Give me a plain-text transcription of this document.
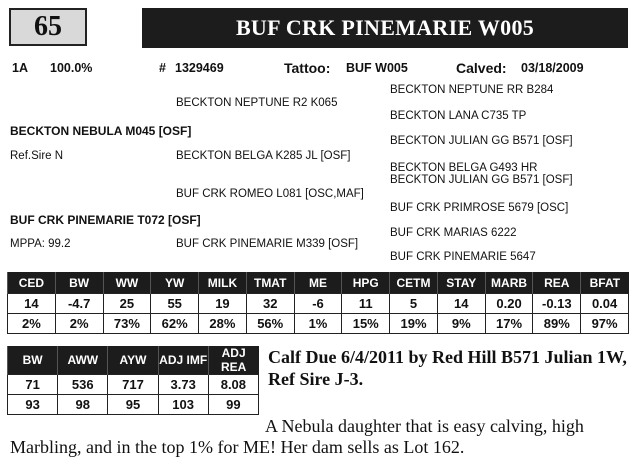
65	BUF CRK PINEMARIE W005
1A 100.0%	# 1329469	Tattoo: BUF W005	Calved: 03/18/2009
BECKTON NEPTUNE RR B284
BECKTON NEPTUNE R2 K065
BECKTON LANA C735 TP
BECKTON NEBULA M045 [OSF]
BECKTON JULIAN GG B571 [OSF]
Ref.Sire N	BECKTON BELGA K285 JL [OSF]
BECKTON BELGA G493 HR
BECKTON JULIAN GG B571 [OSF]
BUF CRK ROMEO L081 [OSC,MAF]
BUF CRK PRIMROSE 5679 [OSC]
BUF CRK PINEMARIE T072 [OSF]
BUF CRK MARIAS 6222
MPPA: 99.2	BUF CRK PINEMARIE M339 [OSF]
BUF CRK PINEMARIE 5647
CED	BW	WW	YW	MILK	TMAT	ME	HPG	CETM	STAY	MARB	REA	BFAT
14	-4.7	25	55	19	32	-6	11	5	14	0.20	-0.13	0.04
2%	2%	73%	62%	28%	56%	1%	15%	19%	9%	17%	89%	97%
BW	AWW	AYW	ADJ IMF	ADJ REA
71	536	717	3.73	8.08
93	98	95	103	99
Calf Due 6/4/2011 by Red Hill B571 Julian 1W, Ref Sire J-3.
A Nebula daughter that is easy calving, high
Marbling, and in the top 1% for ME! Her dam sells as Lot 162.
